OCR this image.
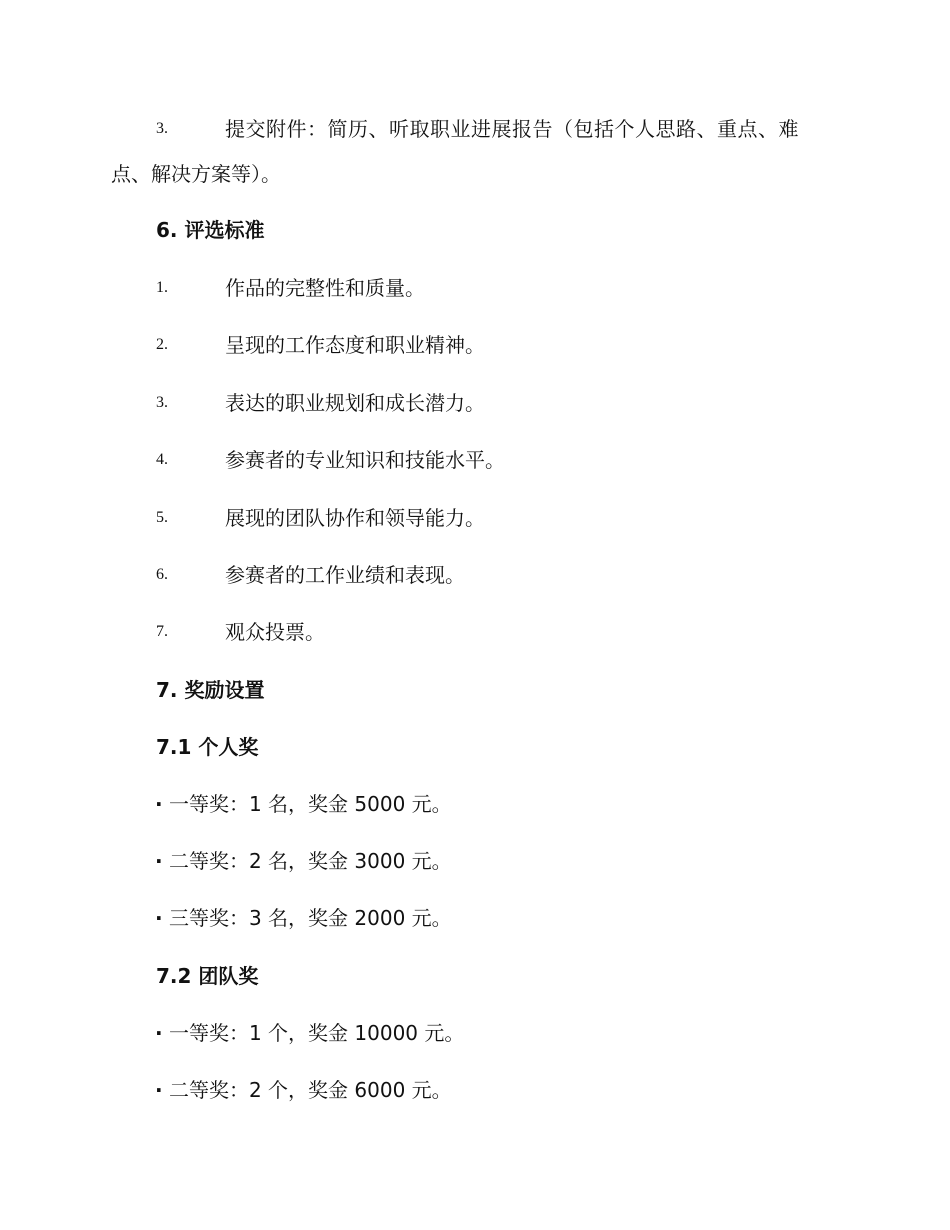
3.	提交附件：简历、听取职业进展报告（包括个人思路、重点、难
点、解决方案等）。
6. 评选标准
1.	作品的完整性和质量。
2.	呈现的工作态度和职业精神。
3.	表达的职业规划和成长潜力。
4.	参赛者的专业知识和技能水平。
5.	展现的团队协作和领导能力。
6.	参赛者的工作业绩和表现。
7.	观众投票。
7. 奖励设置
7.1 个人奖
· 一等奖：1 名，奖金 5000 元。
· 二等奖：2 名，奖金 3000 元。
· 三等奖：3 名，奖金 2000 元。
7.2 团队奖
· 一等奖：1 个，奖金 10000 元。
· 二等奖：2 个，奖金 6000 元。
